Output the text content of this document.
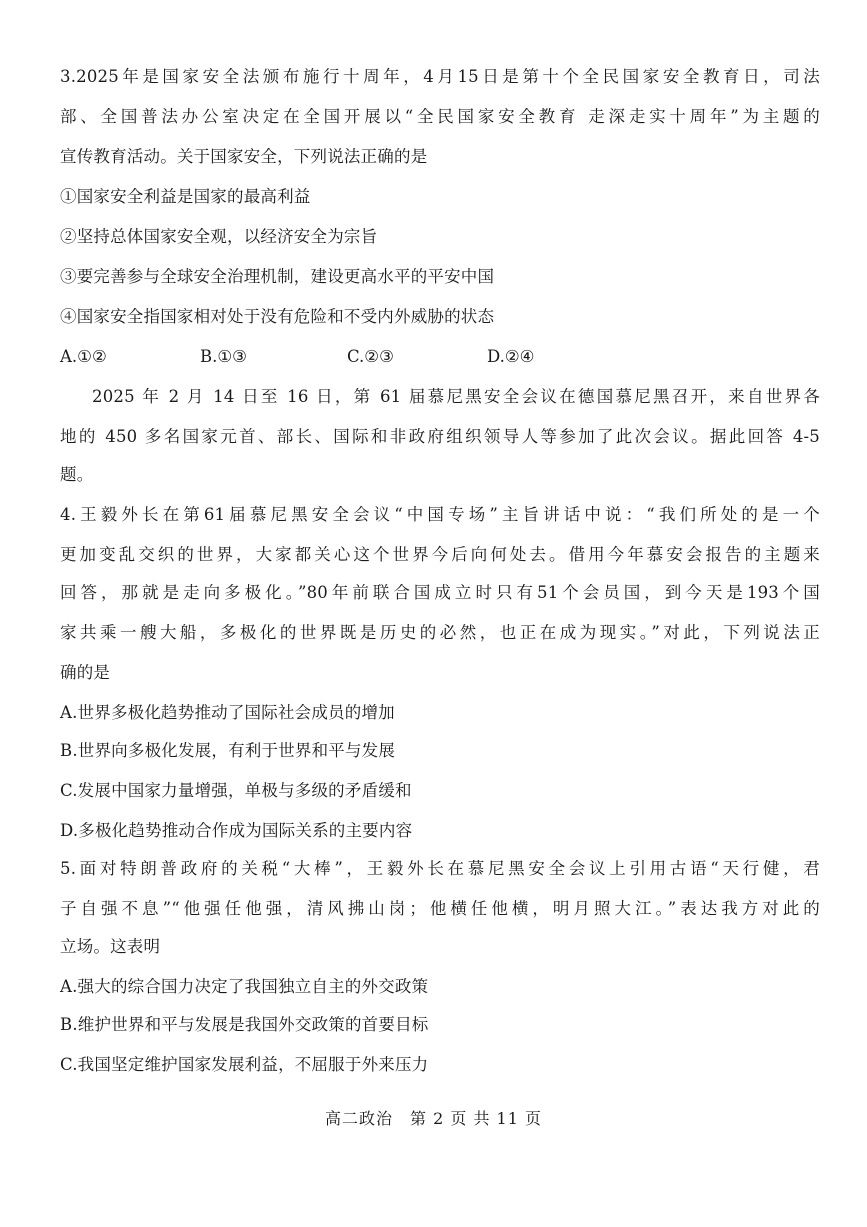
3.2025年是国家安全法颁布施行十周年，4月15日是第十个全民国家安全教育日，司法
部、全国普法办公室决定在全国开展以“全民国家安全教育 走深走实十周年”为主题的
宣传教育活动。关于国家安全，下列说法正确的是
①国家安全利益是国家的最高利益
②坚持总体国家安全观，以经济安全为宗旨
③要完善参与全球安全治理机制，建设更高水平的平安中国
④国家安全指国家相对处于没有危险和不受内外威胁的状态
A.①②	B.①③	C.②③	D.②④
2025 年 2 月 14 日至 16 日，第 61 届慕尼黑安全会议在德国慕尼黑召开，来自世界各
地的 450 多名国家元首、部长、国际和非政府组织领导人等参加了此次会议。据此回答 4-5
题。
4.王毅外长在第61届慕尼黑安全会议“中国专场”主旨讲话中说：“我们所处的是一个
更加变乱交织的世界，大家都关心这个世界今后向何处去。借用今年慕安会报告的主题来
回答，那就是走向多极化。”80年前联合国成立时只有51个会员国，到今天是193个国
家共乘一艘大船，多极化的世界既是历史的必然，也正在成为现实。”对此，下列说法正
确的是
A.世界多极化趋势推动了国际社会成员的增加
B.世界向多极化发展，有利于世界和平与发展
C.发展中国家力量增强，单极与多级的矛盾缓和
D.多极化趋势推动合作成为国际关系的主要内容
5.面对特朗普政府的关税“大棒”，王毅外长在慕尼黑安全会议上引用古语“天行健，君
子自强不息”“他强任他强，清风拂山岗；他横任他横，明月照大江。”表达我方对此的
立场。这表明
A.强大的综合国力决定了我国独立自主的外交政策
B.维护世界和平与发展是我国外交政策的首要目标
C.我国坚定维护国家发展利益，不屈服于外来压力
高二政治　第 2 页 共 11 页
